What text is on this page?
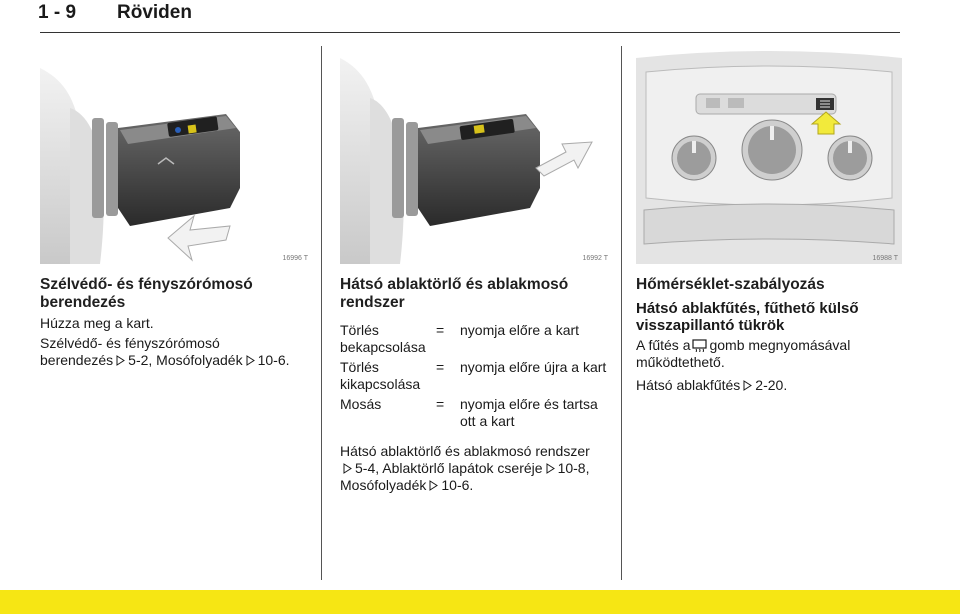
1 - 9 Röviden
16996 T	16992 T	16988 T
Szélvédő- és fényszórómosó berendezés
Húzza meg a kart.
Szélvédő- és fényszórómosó
berendezés 5-2, Mosófolyadék 10-6.
Hátsó ablaktörlő és ablakmosó rendszer
Törlés bekapcsolása	=	nyomja előre a kart
Törlés kikapcsolása	=	nyomja előre újra a kart
Mosás	=	nyomja előre és tartsa ott a kart
Hátsó ablaktörlő és ablakmosó rendszer
5-4, Ablaktörlő lapátok cseréje 10-8,
Mosófolyadék 10-6.
Hőmérséklet-szabályozás
Hátsó ablakfűtés, fűthető külső visszapillantó tükrök
A fűtés a gomb megnyomásával működtethető.
Hátsó ablakfűtés 2-20.
